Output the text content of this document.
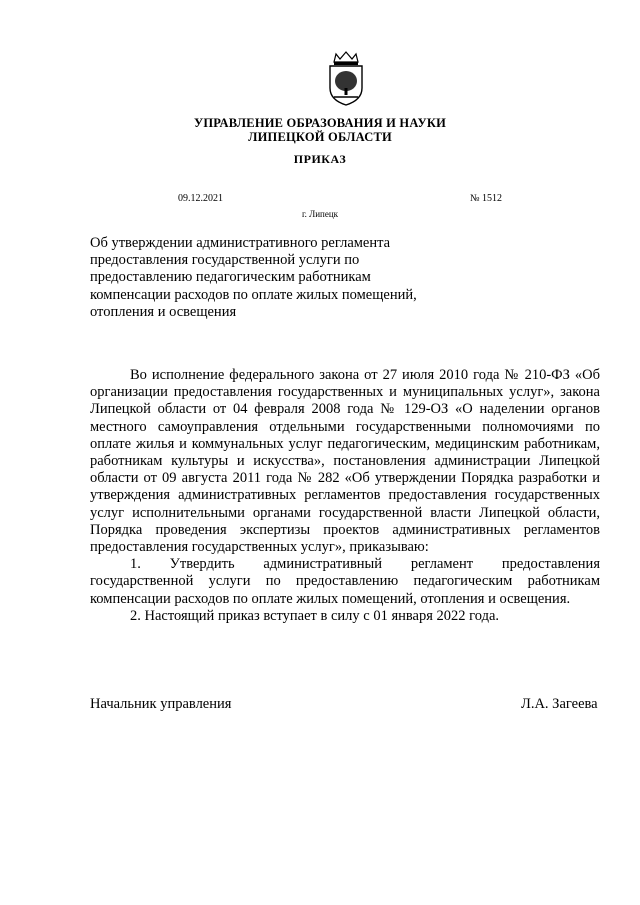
УПРАВЛЕНИЕ ОБРАЗОВАНИЯ И НАУКИ
ЛИПЕЦКОЙ ОБЛАСТИ
ПРИКАЗ
09.12.2021	№ 1512
г. Липецк
Об утверждении административного регламента предоставления государственной услуги по предоставлению педагогическим работникам компенсации расходов по оплате жилых помещений, отопления и освещения

Во исполнение федерального закона от 27 июля 2010 года № 210-ФЗ «Об организации предоставления государственных и муниципальных услуг», закона Липецкой области от 04 февраля 2008 года № 129-ОЗ «О наделении органов местного самоуправления отдельными государственными полномочиями по оплате жилья и коммунальных услуг педагогическим, медицинским работникам, работникам культуры и искусства», постановления администрации Липецкой области от 09 августа 2011 года № 282 «Об утверждении Порядка разработки и утверждения административных регламентов предоставления государственных услуг исполнительными органами государственной власти Липецкой области, Порядка проведения экспертизы проектов административных регламентов предоставления государственных услуг», приказываю:

1. Утвердить административный регламент предоставления государственной услуги по предоставлению педагогическим работникам компенсации расходов по оплате жилых помещений, отопления и освещения.

2. Настоящий приказ вступает в силу с 01 января 2022 года.

Начальник управления	Л.А. Загеева
